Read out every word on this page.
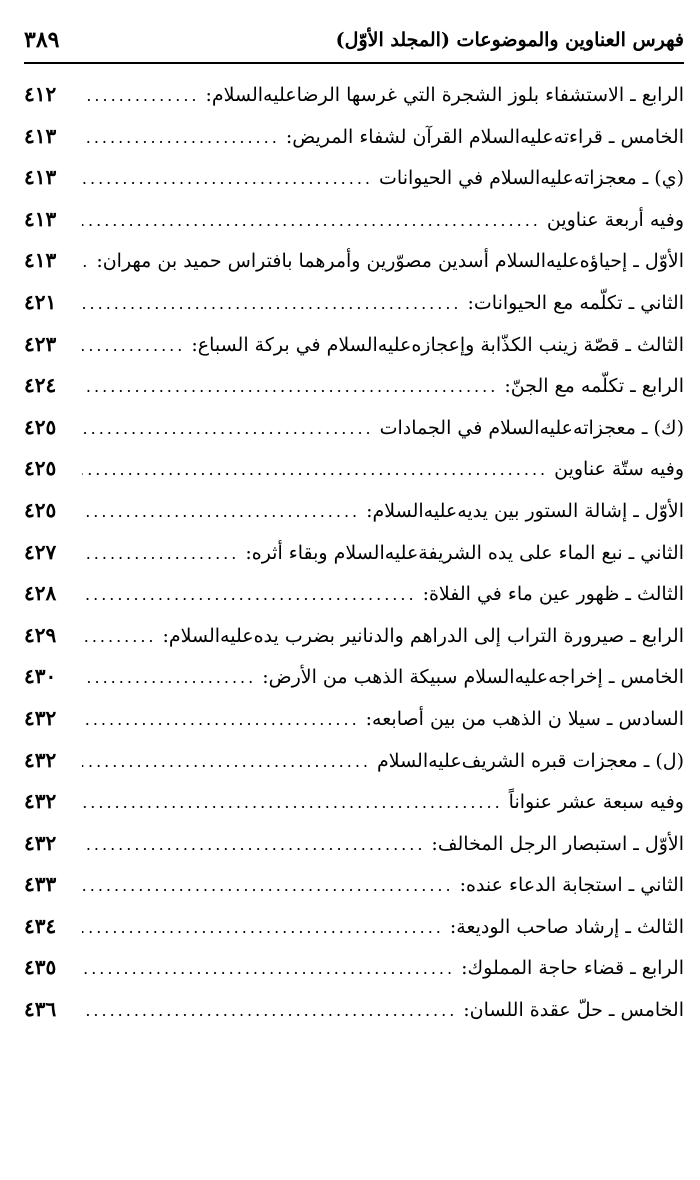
فهرس العناوين والموضوعات (المجلد الأوّل)
٣٨٩
الرابع ـ الاستشفاء بلوز الشجرة التي غرسها الرضاعليه‌السلام:
.....
٤١٢
الخامس ـ قراءته‌عليه‌السلام القرآن لشفاء المريض:
.....
٤١٣
(ي) ـ معجزاته‌عليه‌السلام في الحيوانات
.....
٤١٣
وفيه أربعة عناوين
.....
٤١٣
الأوّل ـ إحياؤه‌عليه‌السلام أسدين مصوّرين وأمرهما بافتراس حميد بن مهران:
.....
٤١٣
الثاني ـ تكلّمه مع الحيوانات:
.....
٤٢١
الثالث ـ قصّة زينب الكذّابة وإعجازه‌عليه‌السلام في بركة السباع:
.....
٤٢٣
الرابع ـ تكلّمه مع الجنّ:
.....
٤٢٤
(ك) ـ معجزاته‌عليه‌السلام في الجمادات
.....
٤٢٥
وفيه ستّة عناوين
.....
٤٢٥
الأوّل ـ إشالة الستور بين يديه‌عليه‌السلام:
.....
٤٢٥
الثاني ـ نبع الماء على يده الشريفةعليه‌السلام وبقاء أثره:
.....
٤٢٧
الثالث ـ ظهور عين ماء في الفلاة:
.....
٤٢٨
الرابع ـ صيرورة التراب إلى الدراهم والدنانير بضرب يده‌عليه‌السلام:
.....
٤٢٩
الخامس ـ إخراجه‌عليه‌السلام سبيكة الذهب من الأرض:
.....
٤٣٠
السادس ـ سيلا ن الذهب من بين أصابعه:
.....
٤٣٢
(ل) ـ معجزات قبره الشريف‌عليه‌السلام
.....
٤٣٢
وفيه سبعة عشر عنواناً
.....
٤٣٢
الأوّل ـ استبصار الرجل المخالف:
.....
٤٣٢
الثاني ـ استجابة الدعاء عنده:
.....
٤٣٣
الثالث ـ إرشاد صاحب الوديعة:
.....
٤٣٤
الرابع ـ قضاء حاجة المملوك:
.....
٤٣٥
الخامس ـ حلّ عقدة اللسان:
.....
٤٣٦
